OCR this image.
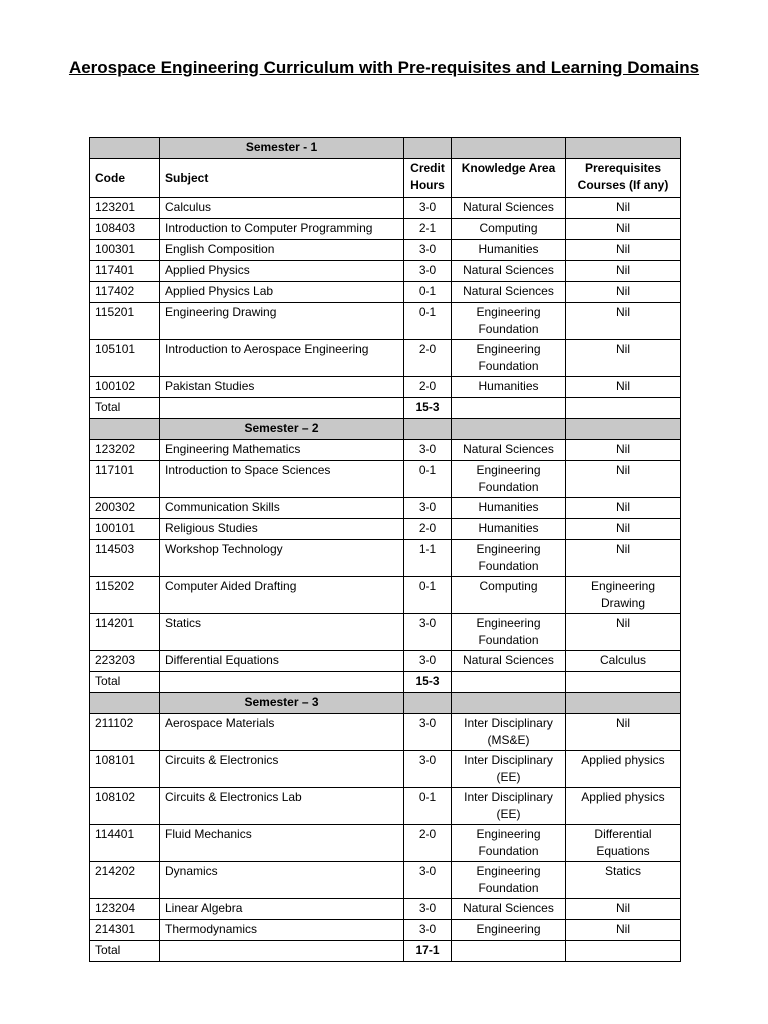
Aerospace Engineering Curriculum with Pre-requisites and Learning Domains
	Semester - 1			
Code	Subject	Credit Hours	Knowledge Area	Prerequisites Courses (If any)
123201	Calculus	3-0	Natural Sciences	Nil
108403	Introduction to Computer Programming	2-1	Computing	Nil
100301	English Composition	3-0	Humanities	Nil
117401	Applied Physics	3-0	Natural Sciences	Nil
117402	Applied Physics Lab	0-1	Natural Sciences	Nil
115201	Engineering Drawing	0-1	Engineering Foundation	Nil
105101	Introduction to Aerospace Engineering	2-0	Engineering Foundation	Nil
100102	Pakistan Studies	2-0	Humanities	Nil
Total		15-3		
	Semester – 2			
123202	Engineering Mathematics	3-0	Natural Sciences	Nil
117101	Introduction to Space Sciences	0-1	Engineering Foundation	Nil
200302	Communication Skills	3-0	Humanities	Nil
100101	Religious Studies	2-0	Humanities	Nil
114503	Workshop Technology	1-1	Engineering Foundation	Nil
115202	Computer Aided Drafting	0-1	Computing	Engineering Drawing
114201	Statics	3-0	Engineering Foundation	Nil
223203	Differential Equations	3-0	Natural Sciences	Calculus
Total		15-3		
	Semester – 3			
211102	Aerospace Materials	3-0	Inter Disciplinary (MS&E)	Nil
108101	Circuits & Electronics	3-0	Inter Disciplinary (EE)	Applied physics
108102	Circuits & Electronics Lab	0-1	Inter Disciplinary (EE)	Applied physics
114401	Fluid Mechanics	2-0	Engineering Foundation	Differential Equations
214202	Dynamics	3-0	Engineering Foundation	Statics
123204	Linear Algebra	3-0	Natural Sciences	Nil
214301	Thermodynamics	3-0	Engineering	Nil
Total		17-1		
